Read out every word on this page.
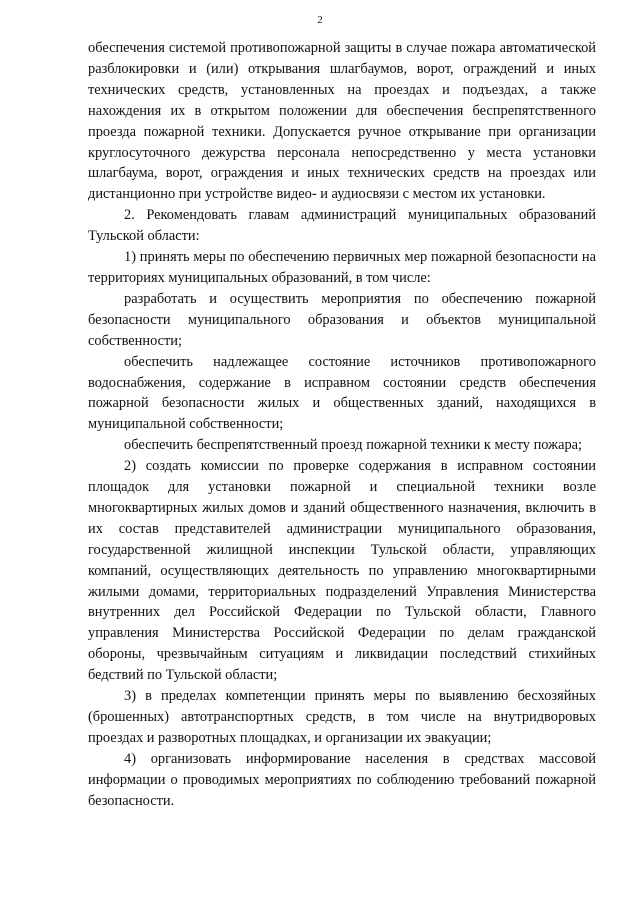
2

обеспечения системой противопожарной защиты в случае пожара автоматической разблокировки и (или) открывания шлагбаумов, ворот, ограждений и иных технических средств, установленных на проездах и подъездах, а также нахождения их в открытом положении для обеспечения беспрепятственного проезда пожарной техники. Допускается ручное открывание при организации круглосуточного дежурства персонала непосредственно у места установки шлагбаума, ворот, ограждения и иных технических средств на проездах или дистанционно при устройстве видео- и аудиосвязи с местом их установки.

2. Рекомендовать главам администраций муниципальных образований Тульской области:

1) принять меры по обеспечению первичных мер пожарной безопасности на территориях муниципальных образований, в том числе:

разработать и осуществить мероприятия по обеспечению пожарной безопасности муниципального образования и объектов муниципальной собственности;

обеспечить надлежащее состояние источников противопожарного водоснабжения, содержание в исправном состоянии средств обеспечения пожарной безопасности жилых и общественных зданий, находящихся в муниципальной собственности;

обеспечить беспрепятственный проезд пожарной техники к месту пожара;

2) создать комиссии по проверке содержания в исправном состоянии площадок для установки пожарной и специальной техники возле многоквартирных жилых домов и зданий общественного назначения, включить в их состав представителей администрации муниципального образования, государственной жилищной инспекции Тульской области, управляющих компаний, осуществляющих деятельность по управлению многоквартирными жилыми домами, территориальных подразделений Управления Министерства внутренних дел Российской Федерации по Тульской области, Главного управления Министерства Российской Федерации по делам гражданской обороны, чрезвычайным ситуациям и ликвидации последствий стихийных бедствий по Тульской области;

3) в пределах компетенции принять меры по выявлению бесхозяйных (брошенных) автотранспортных средств, в том числе на внутридворовых проездах и разворотных площадках, и организации их эвакуации;

4) организовать информирование населения в средствах массовой информации о проводимых мероприятиях по соблюдению требований пожарной безопасности.
